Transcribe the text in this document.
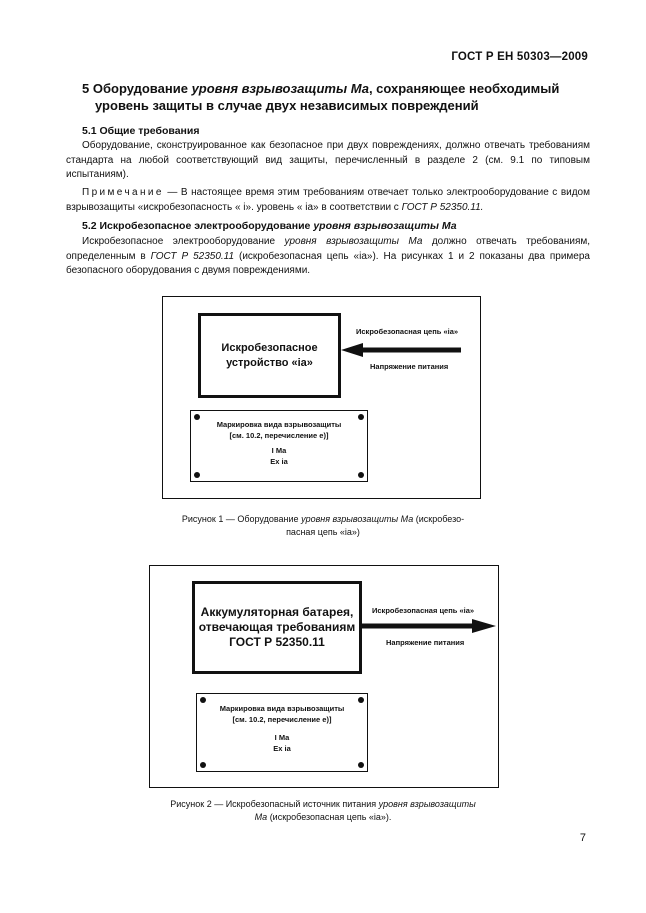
ГОСТ Р ЕН 50303—2009
5 Оборудование уровня взрывозащиты Ма, сохраняющее необходимый
уровень защиты в случае двух независимых повреждений
5.1 Общие требования
Оборудование, сконструированное как безопасное при двух повреждениях, должно отвечать требованиям стандарта на любой соответствующий вид защиты, перечисленный в разделе 2 (см. 9.1 по типовым испытаниям).
Примечание — В настоящее время этим требованиям отвечает только электрооборудование с видом взрывозащиты «искробезопасность « i». уровень « ia» в соответствии с ГОСТ Р 52350.11.
5.2 Искробезопасное электрооборудование уровня взрывозащиты Ма
Искробезопасное электрооборудование уровня взрывозащиты Ма должно отвечать требованиям, определенным в ГОСТ Р 52350.11 (искробезопасная цепь «ia»). На рисунках 1 и 2 показаны два примера безопасного оборудования с двумя повреждениями.
Искробезопасное
устройство «ia»
Искробезопасная цепь «ia»
Напряжение питания
Маркировка вида взрывозащиты
[см. 10.2, перечисление е)]
I Ма
Ex ia
Рисунок 1 — Оборудование уровня взрывозащиты Ма (искробезо-
пасная цепь «ia»)
Аккумуляторная батарея,
отвечающая требованиям
ГОСТ Р 52350.11
Искробезопасная цепь «ia»
Напряжение питания
Маркировка вида взрывозащиты
[см. 10.2, перечисление е)]
I Ма
Ex ia
Рисунок 2 — Искробезопасный источник питания уровня взрывозащиты
Ма (искробезопасная цепь «ia»).
7
